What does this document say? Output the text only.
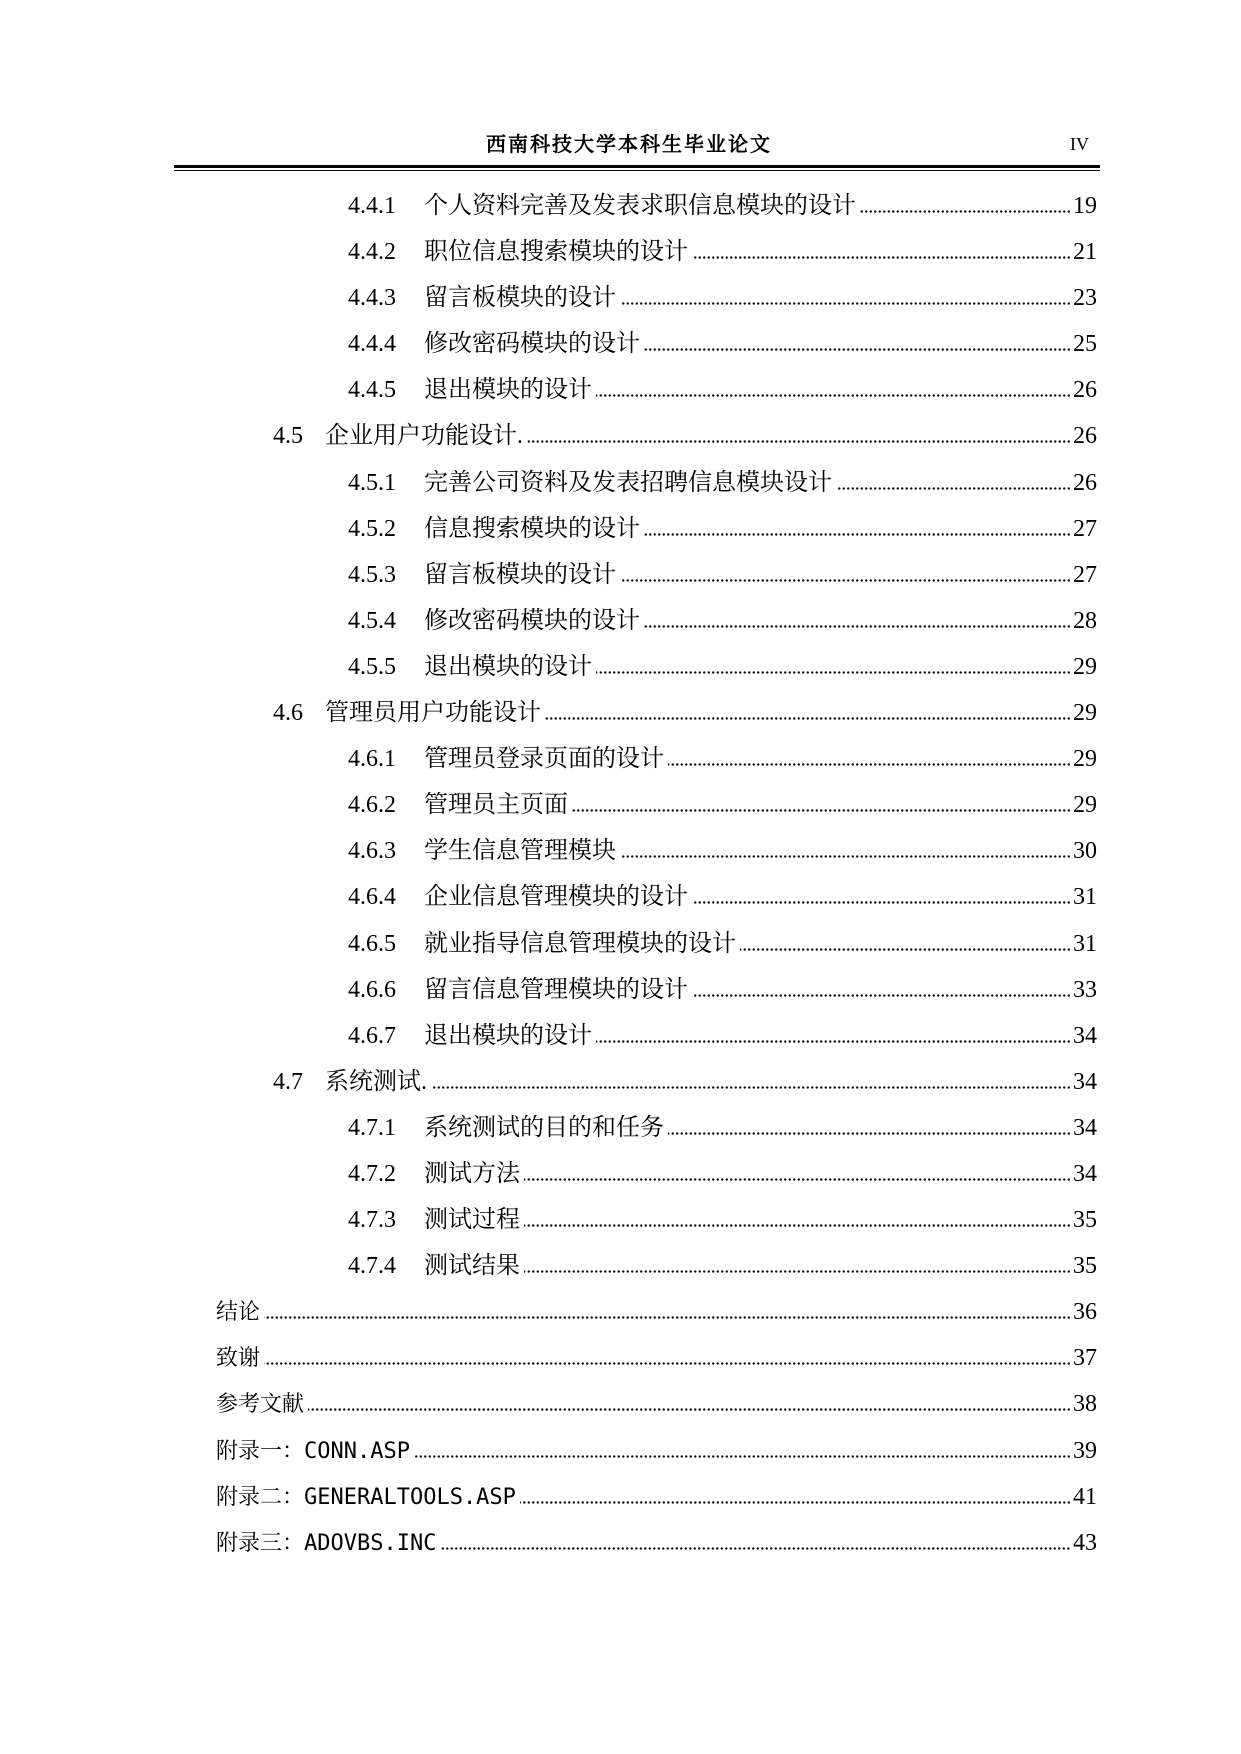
西南科技大学本科生毕业论文	IV
4.4.1	个人资料完善及发表求职信息模块的设计	19
4.4.2	职位信息搜索模块的设计	21
4.4.3	留言板模块的设计	23
4.4.4	修改密码模块的设计	25
4.4.5	退出模块的设计	26
4.5 企业用户功能设计.	26
4.5.1	完善公司资料及发表招聘信息模块设计	26
4.5.2	信息搜索模块的设计	27
4.5.3	留言板模块的设计	27
4.5.4	修改密码模块的设计	28
4.5.5	退出模块的设计	29
4.6 管理员用户功能设计	29
4.6.1	管理员登录页面的设计	29
4.6.2	管理员主页面	29
4.6.3	学生信息管理模块	30
4.6.4	企业信息管理模块的设计	31
4.6.5	就业指导信息管理模块的设计	31
4.6.6	留言信息管理模块的设计	33
4.6.7	退出模块的设计	34
4.7 系统测试.	34
4.7.1	系统测试的目的和任务	34
4.7.2	测试方法	34
4.7.3	测试过程	35
4.7.4	测试结果	35
结论	36
致谢	37
参考文献	38
附录一：CONN.ASP	39
附录二：GENERALTOOLS.ASP	41
附录三：ADOVBS.INC	43
